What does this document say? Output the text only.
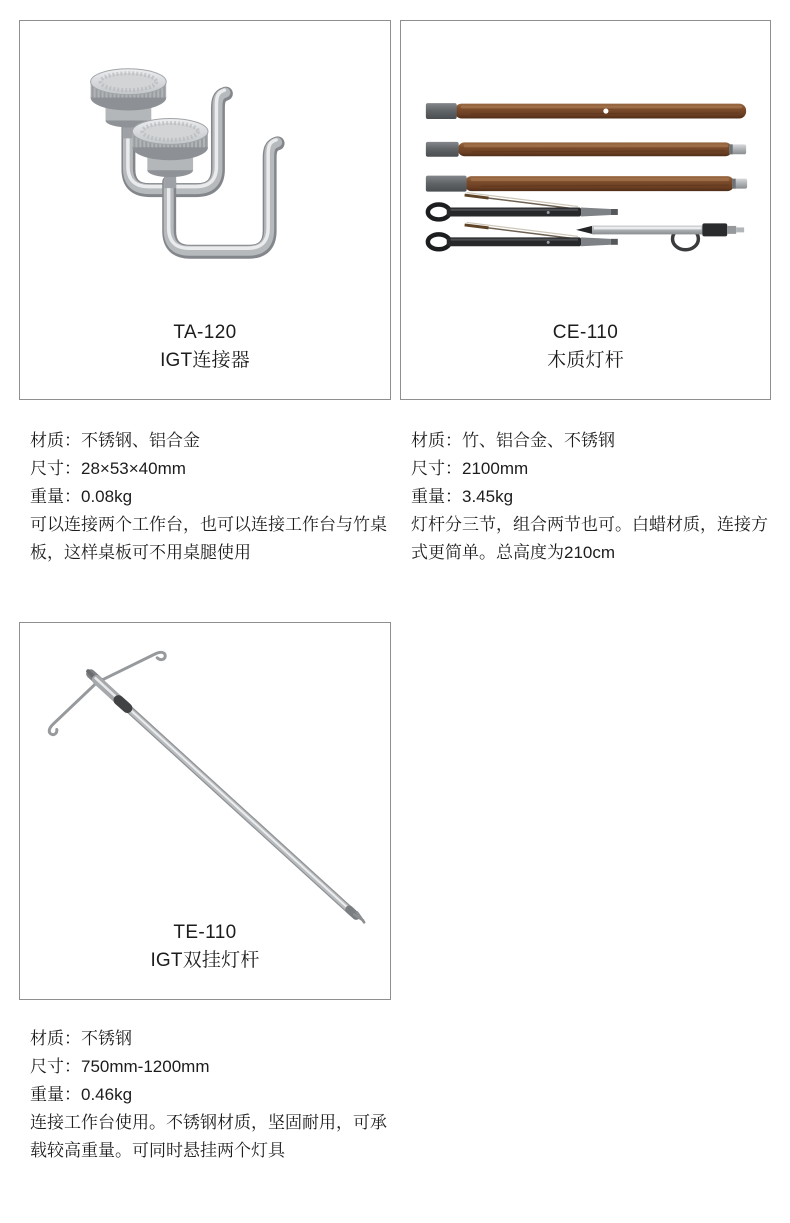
TA-120
IGT连接器
CE-110
木质灯杆
TE-110
IGT双挂灯杆
材质：不锈钢、铝合金
尺寸：28×53×40mm
重量：0.08kg
可以连接两个工作台，也可以连接工作台与竹桌板，这样桌板可不用桌腿使用
材质：竹、铝合金、不锈钢
尺寸：2100mm
重量：3.45kg
灯杆分三节，组合两节也可。白蜡材质，连接方式更简单。总高度为210cm
材质：不锈钢
尺寸：750mm-1200mm
重量：0.46kg
连接工作台使用。不锈钢材质，坚固耐用，可承载较高重量。可同时悬挂两个灯具
